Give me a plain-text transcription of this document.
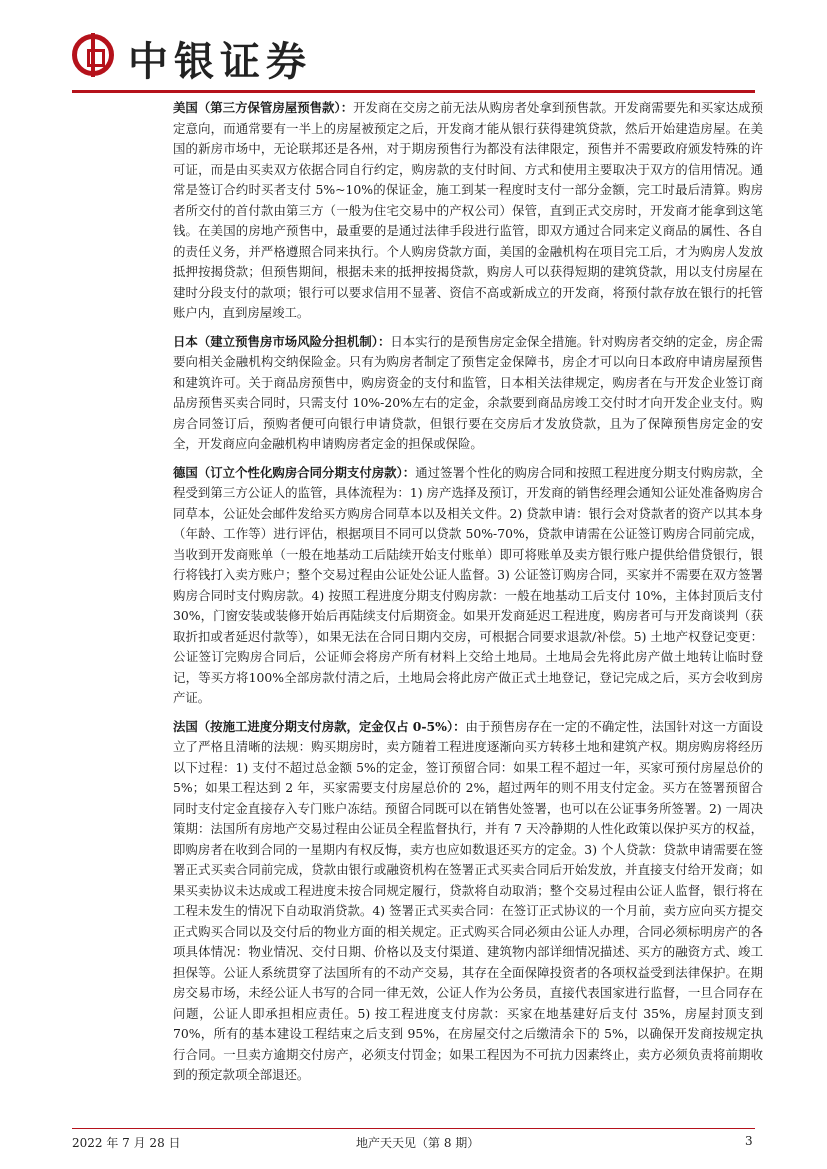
中银证券

美国（第三方保管房屋预售款）：开发商在交房之前无法从购房者处拿到预售款。开发商需要先和买家达成预定意向，而通常要有一半上的房屋被预定之后，开发商才能从银行获得建筑贷款，然后开始建造房屋。在美国的新房市场中，无论联邦还是各州，对于期房预售行为都没有法律限定，预售并不需要政府颁发特殊的许可证，而是由买卖双方依据合同自行约定，购房款的支付时间、方式和使用主要取决于双方的信用情况。通常是签订合约时买者支付 5%~10%的保证金，施工到某一程度时支付一部分金额，完工时最后清算。购房者所交付的首付款由第三方（一般为住宅交易中的产权公司）保管，直到正式交房时，开发商才能拿到这笔钱。在美国的房地产预售中，最重要的是通过法律手段进行监管，即双方通过合同来定义商品的属性、各自的责任义务，并严格遵照合同来执行。个人购房贷款方面，美国的金融机构在项目完工后，才为购房人发放抵押按揭贷款；但预售期间，根据未来的抵押按揭贷款，购房人可以获得短期的建筑贷款，用以支付房屋在建时分段支付的款项；银行可以要求信用不显著、资信不高或新成立的开发商，将预付款存放在银行的托管账户内，直到房屋竣工。

日本（建立预售房市场风险分担机制）：日本实行的是预售房定金保全措施。针对购房者交纳的定金，房企需要向相关金融机构交纳保险金。只有为购房者制定了预售定金保障书，房企才可以向日本政府申请房屋预售和建筑许可。关于商品房预售中，购房资金的支付和监管，日本相关法律规定，购房者在与开发企业签订商品房预售买卖合同时，只需支付 10%-20%左右的定金，余款要到商品房竣工交付时才向开发企业支付。购房合同签订后，预购者便可向银行申请贷款，但银行要在交房后才发放贷款，且为了保障预售房定金的安全，开发商应向金融机构申请购房者定金的担保或保险。

德国（订立个性化购房合同分期支付房款）：通过签署个性化的购房合同和按照工程进度分期支付购房款，全程受到第三方公证人的监管，具体流程为：1) 房产选择及预订，开发商的销售经理会通知公证处准备购房合同草本，公证处会邮件发给买方购房合同草本以及相关文件。2) 贷款申请：银行会对贷款者的资产以其本身（年龄、工作等）进行评估，根据项目不同可以贷款 50%-70%，贷款申请需在公证签订购房合同前完成，当收到开发商账单（一般在地基动工后陆续开始支付账单）即可将账单及卖方银行账户提供给借贷银行，银行将钱打入卖方账户；整个交易过程由公证处公证人监督。3) 公证签订购房合同，买家并不需要在双方签署购房合同时支付购房款。4) 按照工程进度分期支付购房款：一般在地基动工后支付 10%，主体封顶后支付 30%，门窗安装或装修开始后再陆续支付后期资金。如果开发商延迟工程进度，购房者可与开发商谈判（获取折扣或者延迟付款等），如果无法在合同日期内交房，可根据合同要求退款/补偿。5) 土地产权登记变更：公证签订完购房合同后，公证师会将房产所有材料上交给土地局。土地局会先将此房产做土地转让临时登记，等买方将100%全部房款付清之后，土地局会将此房产做正式土地登记，登记完成之后，买方会收到房产证。

法国（按施工进度分期支付房款，定金仅占 0-5%）：由于预售房存在一定的不确定性，法国针对这一方面设立了严格且清晰的法规：购买期房时，卖方随着工程进度逐渐向买方转移土地和建筑产权。期房购房将经历以下过程：1) 支付不超过总金额 5%的定金，签订预留合同：如果工程不超过一年，买家可预付房屋总价的 5%；如果工程达到 2 年，买家需要支付房屋总价的 2%，超过两年的则不用支付定金。买方在签署预留合同时支付定金直接存入专门账户冻结。预留合同既可以在销售处签署，也可以在公证事务所签署。2) 一周决策期：法国所有房地产交易过程由公证员全程监督执行，并有 7 天冷静期的人性化政策以保护买方的权益，即购房者在收到合同的一星期内有权反悔，卖方也应如数退还买方的定金。3) 个人贷款：贷款申请需要在签署正式买卖合同前完成，贷款由银行或融资机构在签署正式买卖合同后开始发放，并直接支付给开发商；如果买卖协议未达成或工程进度未按合同规定履行，贷款将自动取消；整个交易过程由公证人监督，银行将在工程未发生的情况下自动取消贷款。4) 签署正式买卖合同：在签订正式协议的一个月前，卖方应向买方提交正式购买合同以及交付后的物业方面的相关规定。正式购买合同必须由公证人办理，合同必须标明房产的各项具体情况：物业情况、交付日期、价格以及支付渠道、建筑物内部详细情况描述、买方的融资方式、竣工担保等。公证人系统贯穿了法国所有的不动产交易，其存在全面保障投资者的各项权益受到法律保护。在期房交易市场，未经公证人书写的合同一律无效，公证人作为公务员，直接代表国家进行监督，一旦合同存在问题，公证人即承担相应责任。5) 按工程进度支付房款：买家在地基建好后支付 35%，房屋封顶支到 70%，所有的基本建设工程结束之后支到 95%，在房屋交付之后缴清余下的 5%，以确保开发商按规定执行合同。一旦卖方逾期交付房产，必须支付罚金；如果工程因为不可抗力因素终止，卖方必须负责将前期收到的预定款项全部退还。

2022 年 7 月 28 日	地产天天见（第 8 期）	3
